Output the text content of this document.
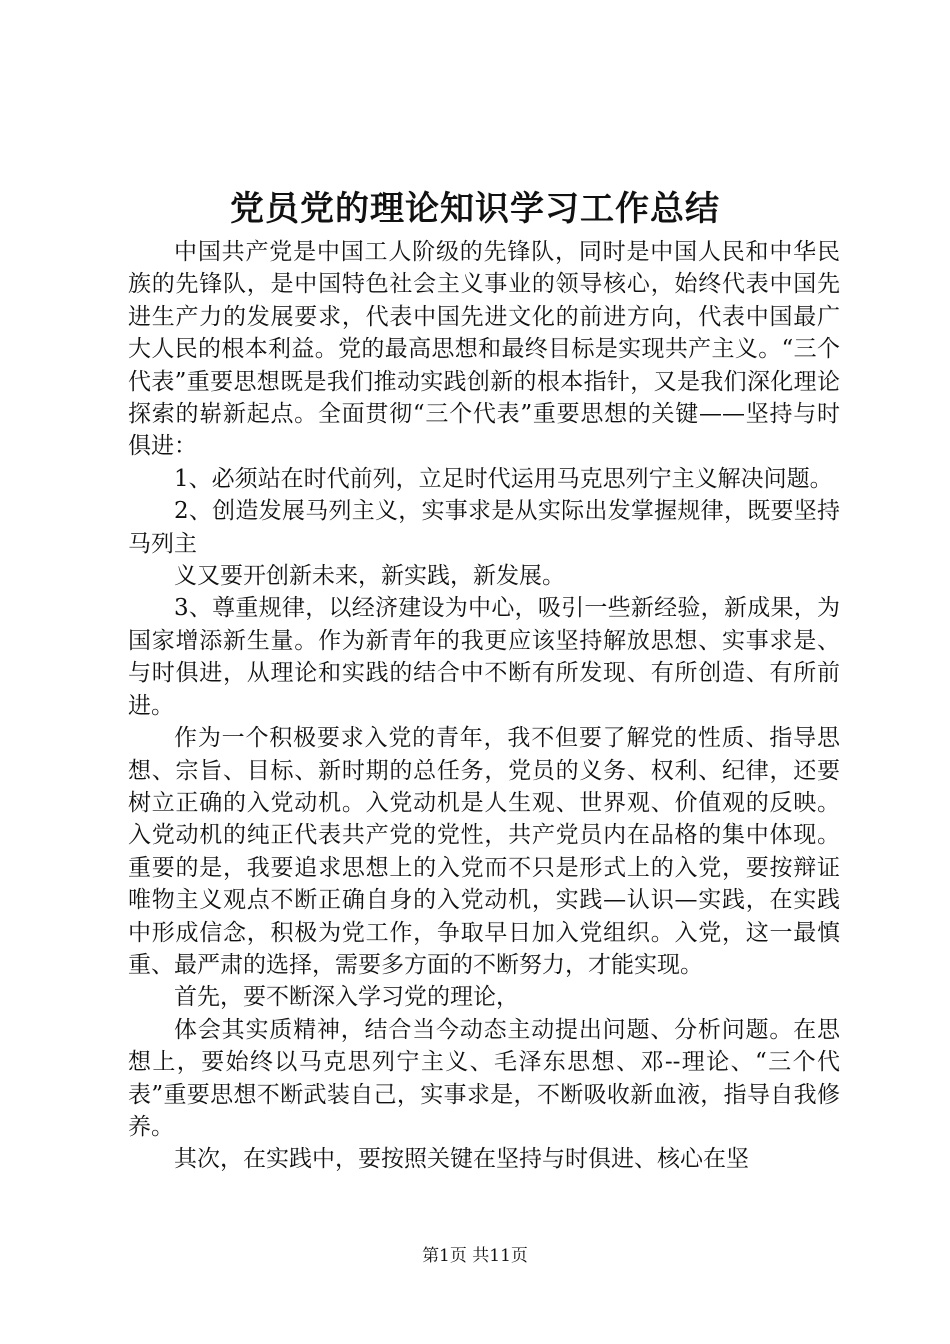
党员党的理论知识学习工作总结

中国共产党是中国工人阶级的先锋队，同时是中国人民和中华民族的先锋队，是中国特色社会主义事业的领导核心，始终代表中国先进生产力的发展要求，代表中国先进文化的前进方向，代表中国最广大人民的根本利益。党的最高思想和最终目标是实现共产主义。“三个代表”重要思想既是我们推动实践创新的根本指针，又是我们深化理论探索的崭新起点。全面贯彻“三个代表”重要思想的关键——坚持与时俱进：

1、必须站在时代前列，立足时代运用马克思列宁主义解决问题。

2、创造发展马列主义，实事求是从实际出发掌握规律，既要坚持马列主

义又要开创新未来，新实践，新发展。

3、尊重规律，以经济建设为中心，吸引一些新经验，新成果，为国家增添新生量。作为新青年的我更应该坚持解放思想、实事求是、与时俱进，从理论和实践的结合中不断有所发现、有所创造、有所前进。

作为一个积极要求入党的青年，我不但要了解党的性质、指导思想、宗旨、目标、新时期的总任务，党员的义务、权利、纪律，还要树立正确的入党动机。入党动机是人生观、世界观、价值观的反映。入党动机的纯正代表共产党的党性，共产党员内在品格的集中体现。重要的是，我要追求思想上的入党而不只是形式上的入党，要按辩证唯物主义观点不断正确自身的入党动机，实践—认识—实践，在实践中形成信念，积极为党工作，争取早日加入党组织。入党，这一最慎重、最严肃的选择，需要多方面的不断努力，才能实现。

首先，要不断深入学习党的理论，

体会其实质精神，结合当今动态主动提出问题、分析问题。在思想上，要始终以马克思列宁主义、毛泽东思想、邓--理论、“三个代表”重要思想不断武装自己，实事求是，不断吸收新血液，指导自我修养。

其次，在实践中，要按照关键在坚持与时俱进、核心在坚

第1页 共11页
